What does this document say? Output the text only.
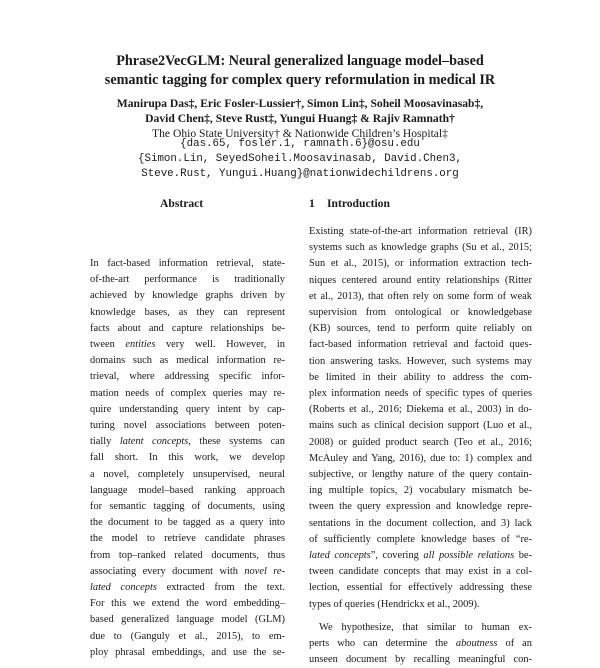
Phrase2VecGLM: Neural generalized language model–based
semantic tagging for complex query reformulation in medical IR
Manirupa Das‡, Eric Fosler-Lussier†, Simon Lin‡, Soheil Moosavinasab‡,
David Chen‡, Steve Rust‡, Yungui Huang‡ & Rajiv Ramnath†
The Ohio State University† & Nationwide Children’s Hospital‡
{das.65, fosler.1, ramnath.6}@osu.edu
{Simon.Lin, SeyedSoheil.Moosavinasab, David.Chen3,
Steve.Rust, Yungui.Huang}@nationwidechildrens.org
Abstract	1 Introduction
In fact-based information retrieval, state-
of-the-art performance is traditionally
achieved by knowledge graphs driven by
knowledge bases, as they can represent
facts about and capture relationships be-
tween entities very well. However, in
domains such as medical information re-
trieval, where addressing specific infor-
mation needs of complex queries may re-
quire understanding query intent by cap-
turing novel associations between poten-
tially latent concepts, these systems can
fall short. In this work, we develop
a novel, completely unsupervised, neural
language model–based ranking approach
for semantic tagging of documents, using
the document to be tagged as a query into
the model to retrieve candidate phrases
from top–ranked related documents, thus
associating every document with novel re-
lated concepts extracted from the text.
For this we extend the word embedding–
based generalized language model (GLM)
due to (Ganguly et al., 2015), to em-
ploy phrasal embeddings, and use the se-
Existing state-of-the-art information retrieval (IR)
systems such as knowledge graphs (Su et al., 2015;
Sun et al., 2015), or information extraction tech-
niques centered around entity relationships (Ritter
et al., 2013), that often rely on some form of weak
supervision from ontological or knowledgebase
(KB) sources, tend to perform quite reliably on
fact-based information retrieval and factoid ques-
tion answering tasks. However, such systems may
be limited in their ability to address the com-
plex information needs of specific types of queries
(Roberts et al., 2016; Diekema et al., 2003) in do-
mains such as clinical decision support (Luo et al.,
2008) or guided product search (Teo et al., 2016;
McAuley and Yang, 2016), due to: 1) complex and
subjective, or lengthy nature of the query contain-
ing multiple topics, 2) vocabulary mismatch be-
tween the query expression and knowledge repre-
sentations in the document collection, and 3) lack
of sufficiently complete knowledge bases of “re-
lated concepts”, covering all possible relations be-
tween candidate concepts that may exist in a col-
lection, essential for effectively addressing these
types of queries (Hendrickx et al., 2009).
We hypothesize, that similar to human ex-
perts who can determine the aboutness of an
unseen document by recalling meaningful con-
